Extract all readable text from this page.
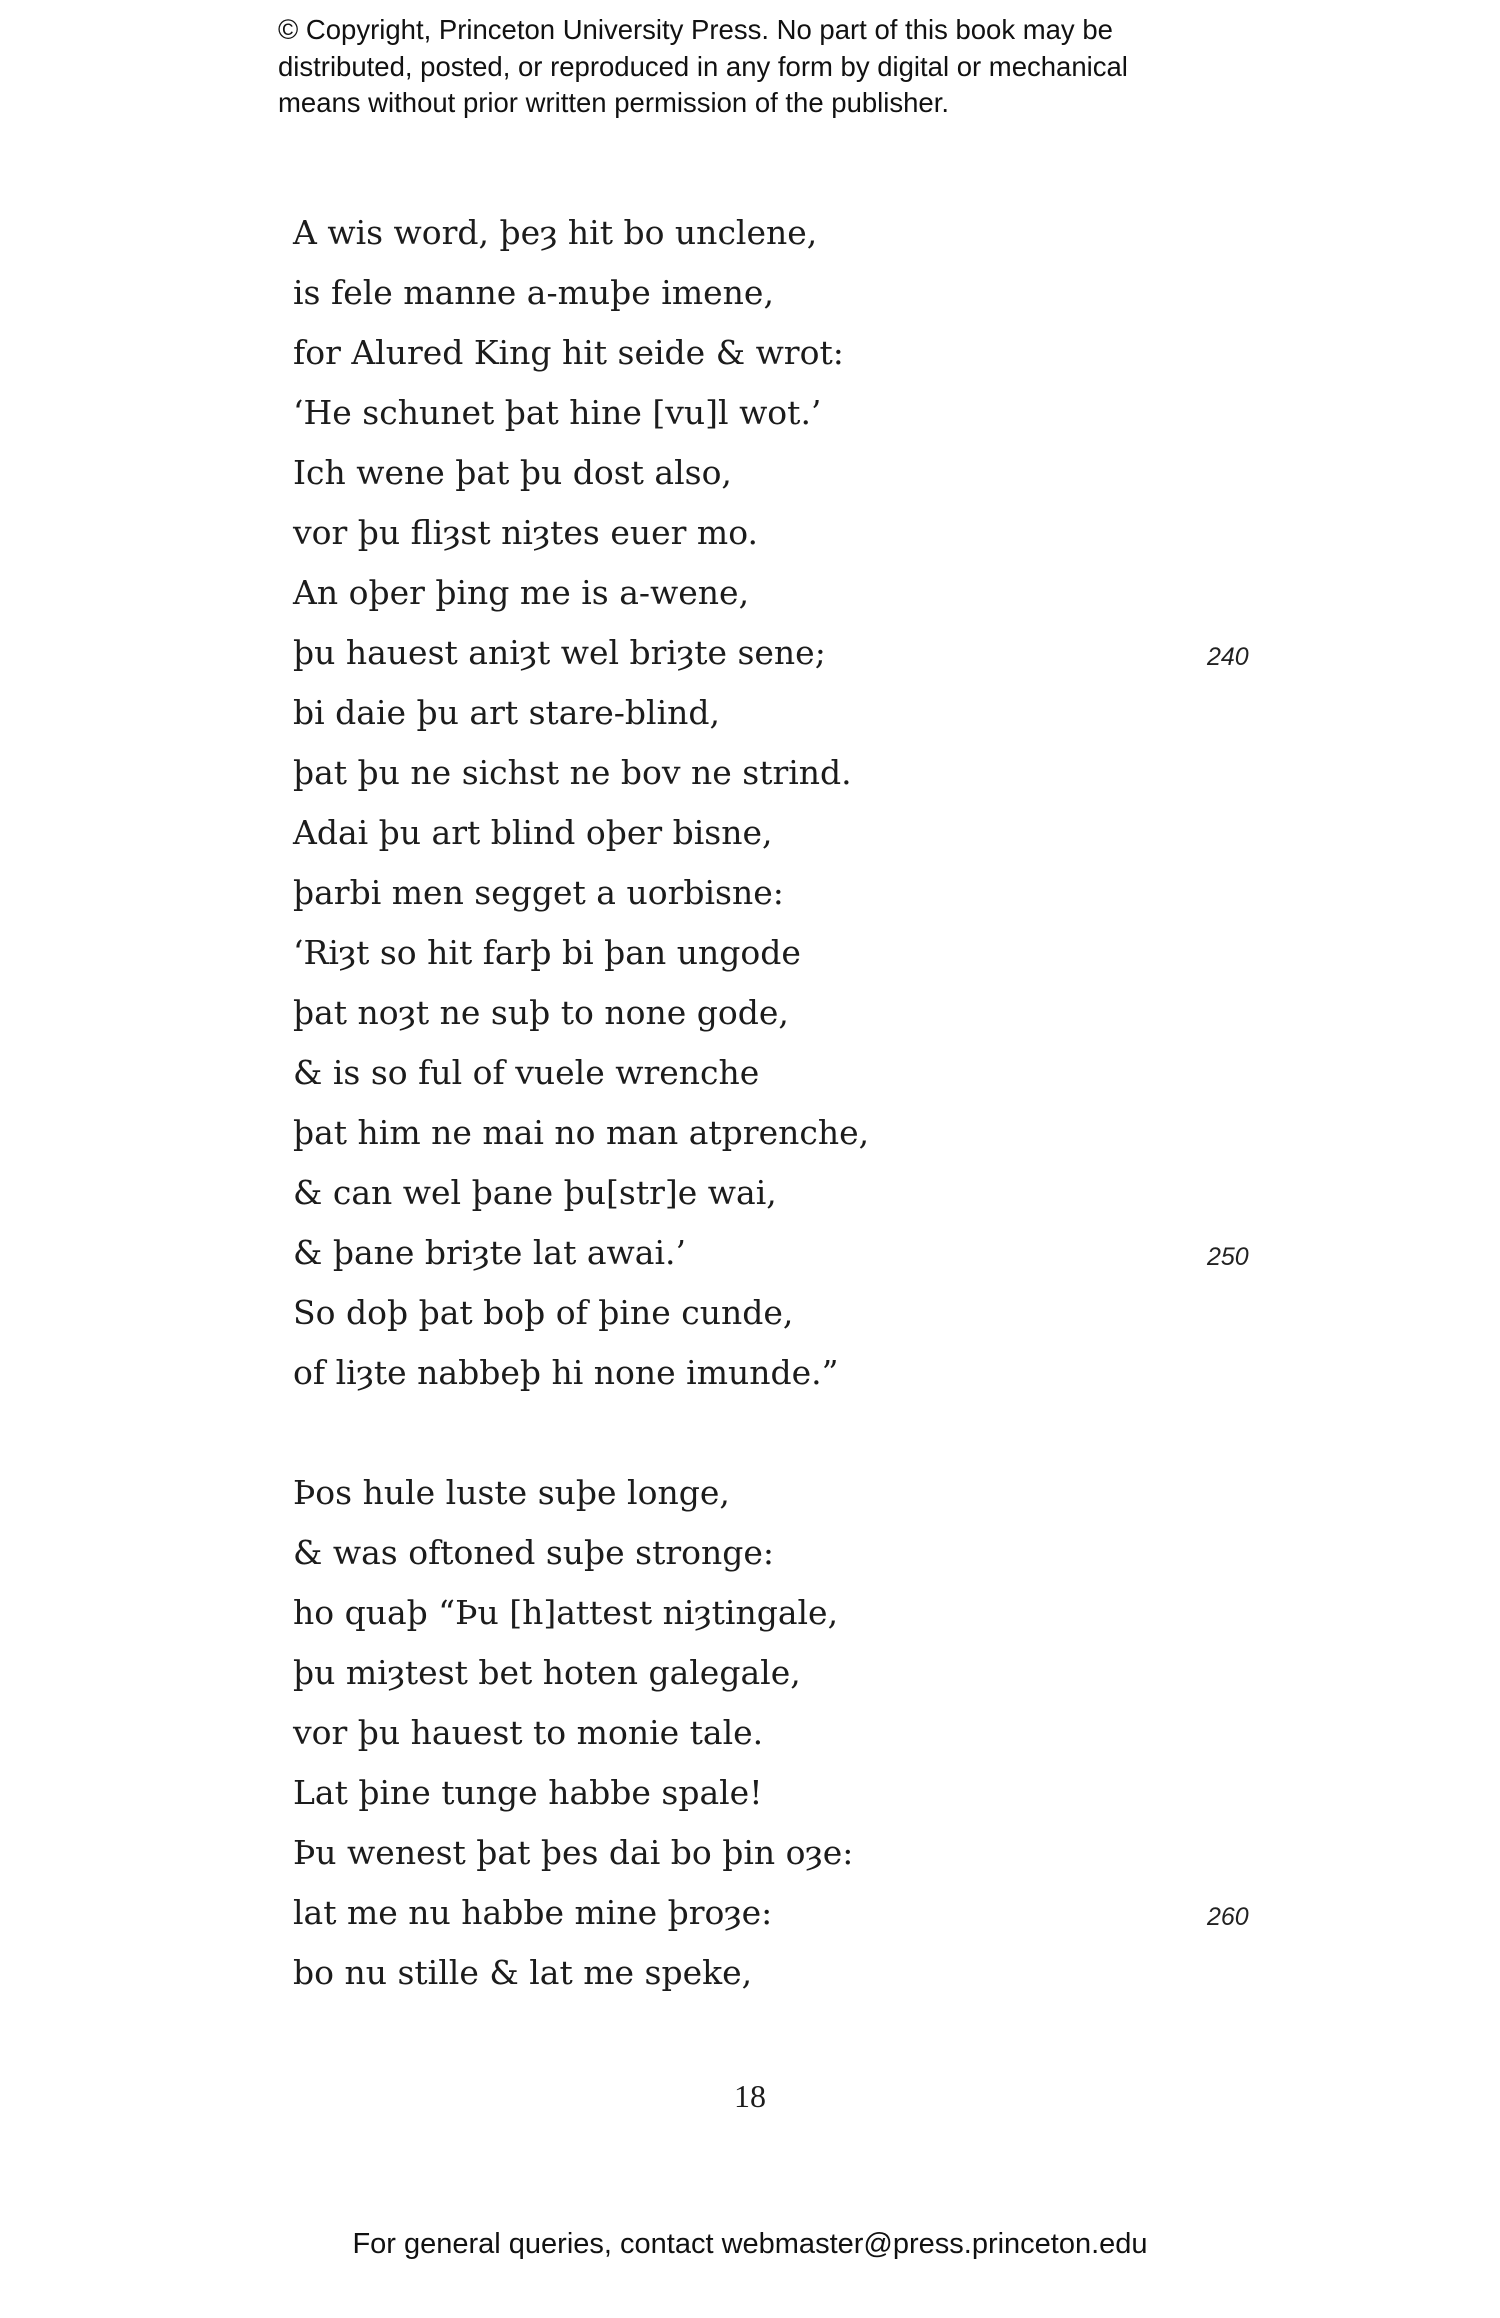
© Copyright, Princeton University Press. No part of this book may be
distributed, posted, or reproduced in any form by digital or mechanical
means without prior written permission of the publisher.
A wis word, þeȝ hit bo unclene,
is fele manne a-muþe imene,
for Alured King hit seide & wrot:
‘He schunet þat hine [vu]l wot.’
Ich wene þat þu dost also,
vor þu fliȝst niȝtes euer mo.
An oþer þing me is a-wene,
þu hauest aniȝt wel briȝte sene;
bi daie þu art stare-blind,
þat þu ne sichst ne bov ne strind.
Adai þu art blind oþer bisne,
þarbi men segget a uorbisne:
‘Riȝt so hit farþ bi þan ungode
þat noȝt ne suþ to none gode,
& is so ful of vuele wrenche
þat him ne mai no man atprenche,
& can wel þane þu[str]e wai,
& þane briȝte lat awai.’
So doþ þat boþ of þine cunde,
of liȝte nabbeþ hi none imunde.”
Þos hule luste suþe longe,
& was oftoned suþe stronge:
ho quaþ “Þu [h]attest niȝtingale,
þu miȝtest bet hoten galegale,
vor þu hauest to monie tale.
Lat þine tunge habbe spale!
Þu wenest þat þes dai bo þin oȝe:
lat me nu habbe mine þroȝe:
bo nu stille & lat me speke,
240
250
260
18
For general queries, contact webmaster@press.princeton.edu
